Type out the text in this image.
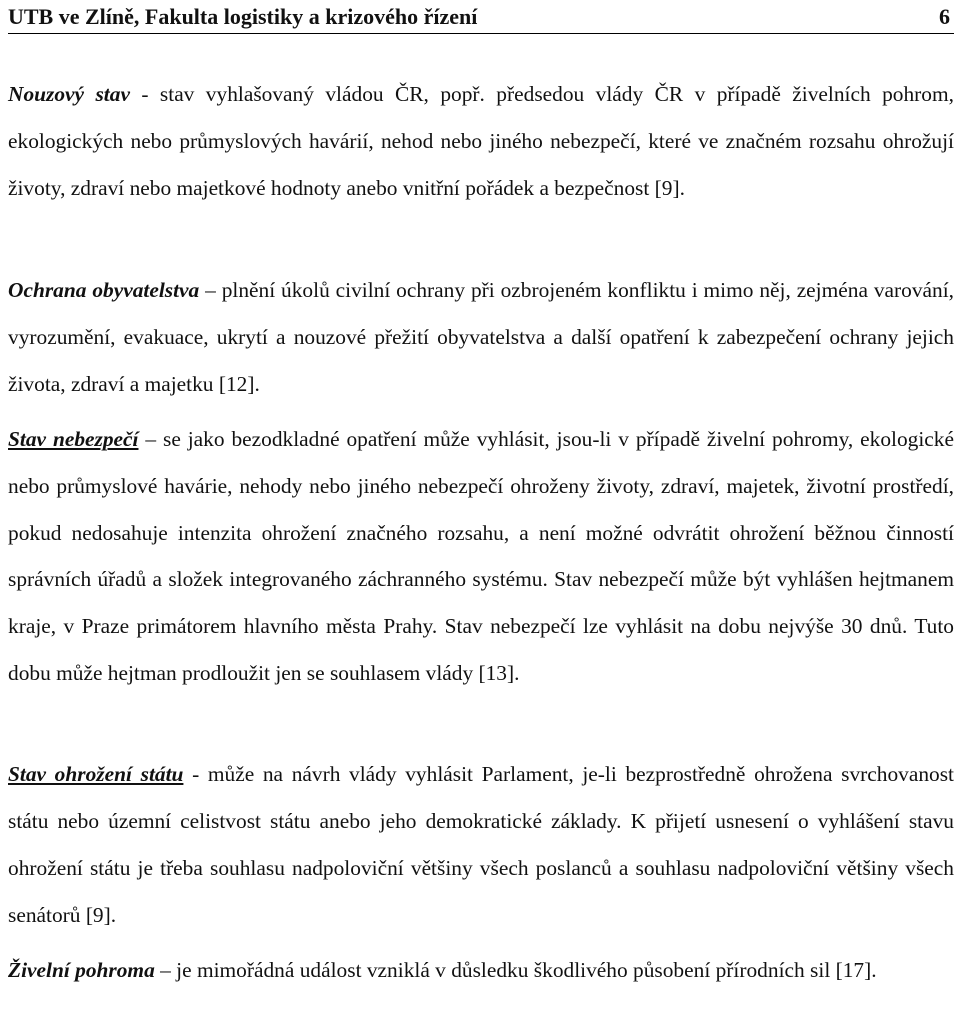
UTB ve Zlíně, Fakulta logistiky a krizového řízení	6

Nouzový stav - stav vyhlašovaný vládou ČR, popř. předsedou vlády ČR v případě živelních pohrom, ekologických nebo průmyslových havárií, nehod nebo jiného nebezpečí, které ve značném rozsahu ohrožují životy, zdraví nebo majetkové hodnoty anebo vnitřní pořádek a bezpečnost [9].

Ochrana obyvatelstva – plnění úkolů civilní ochrany při ozbrojeném konfliktu i mimo něj, zejména varování, vyrozumění, evakuace, ukrytí a nouzové přežití obyvatelstva a další opatření k zabezpečení ochrany jejich života, zdraví a majetku [12].

Stav nebezpečí – se jako bezodkladné opatření může vyhlásit, jsou-li v případě živelní pohromy, ekologické nebo průmyslové havárie, nehody nebo jiného nebezpečí ohroženy životy, zdraví, majetek, životní prostředí, pokud nedosahuje intenzita ohrožení značného rozsahu, a není možné odvrátit ohrožení běžnou činností správních úřadů a složek integrovaného záchranného systému. Stav nebezpečí může být vyhlášen hejtmanem kraje, v Praze primátorem hlavního města Prahy. Stav nebezpečí lze vyhlásit na dobu nejvýše 30 dnů. Tuto dobu může hejtman prodloužit jen se souhlasem vlády [13].

Stav ohrožení státu - může na návrh vlády vyhlásit Parlament, je-li bezprostředně ohrožena svrchovanost státu nebo územní celistvost státu anebo jeho demokratické základy. K přijetí usnesení o vyhlášení stavu ohrožení státu je třeba souhlasu nadpoloviční většiny všech poslanců a souhlasu nadpoloviční většiny všech senátorů [9].

Živelní pohroma – je mimořádná událost vzniklá v důsledku škodlivého působení přírodních sil [17].
